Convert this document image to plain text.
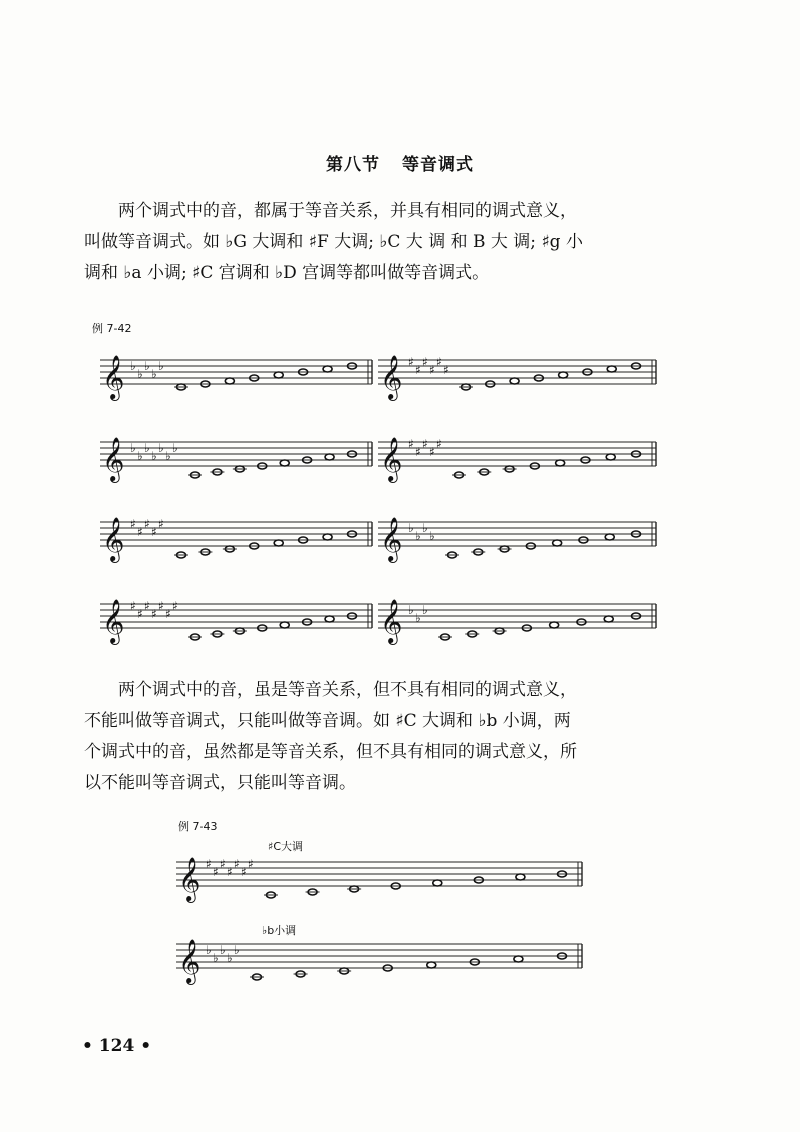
第八节 等音调式
两个调式中的音，都属于等音关系，并具有相同的调式意义，
叫做等音调式。如 ♭G 大调和 ♯F 大调; ♭C 大 调 和 B 大 调; ♯g 小
调和 ♭a 小调; ♯C 宫调和 ♭D 宫调等都叫做等音调式。
例 7-42
𝄞 ♭
♭
♭
♭
♭	𝄞 ♯
♯
♯
♯
♯
♯
𝄞 ♭
♭
♭
♭
♭
♭
♭	𝄞 ♯
♯
♯
♯
♯
𝄞 ♯
♯
♯
♯
♯	𝄞 ♭
♭
♭
♭
𝄞 ♯
♯
♯
♯
♯
♯
♯	𝄞 ♭
♭
♭
𝄞 ♯
♯
♯
♯
♯
♯
♯
𝄞 ♭
♭
♭
♭
♭
两个调式中的音，虽是等音关系，但不具有相同的调式意义，
不能叫做等音调式，只能叫做等音调。如 ♯C 大调和 ♭b 小调，两
个调式中的音，虽然都是等音关系，但不具有相同的调式意义，所
以不能叫等音调式，只能叫等音调。
例 7-43
♯C大调
♭b小调
• 124 •
